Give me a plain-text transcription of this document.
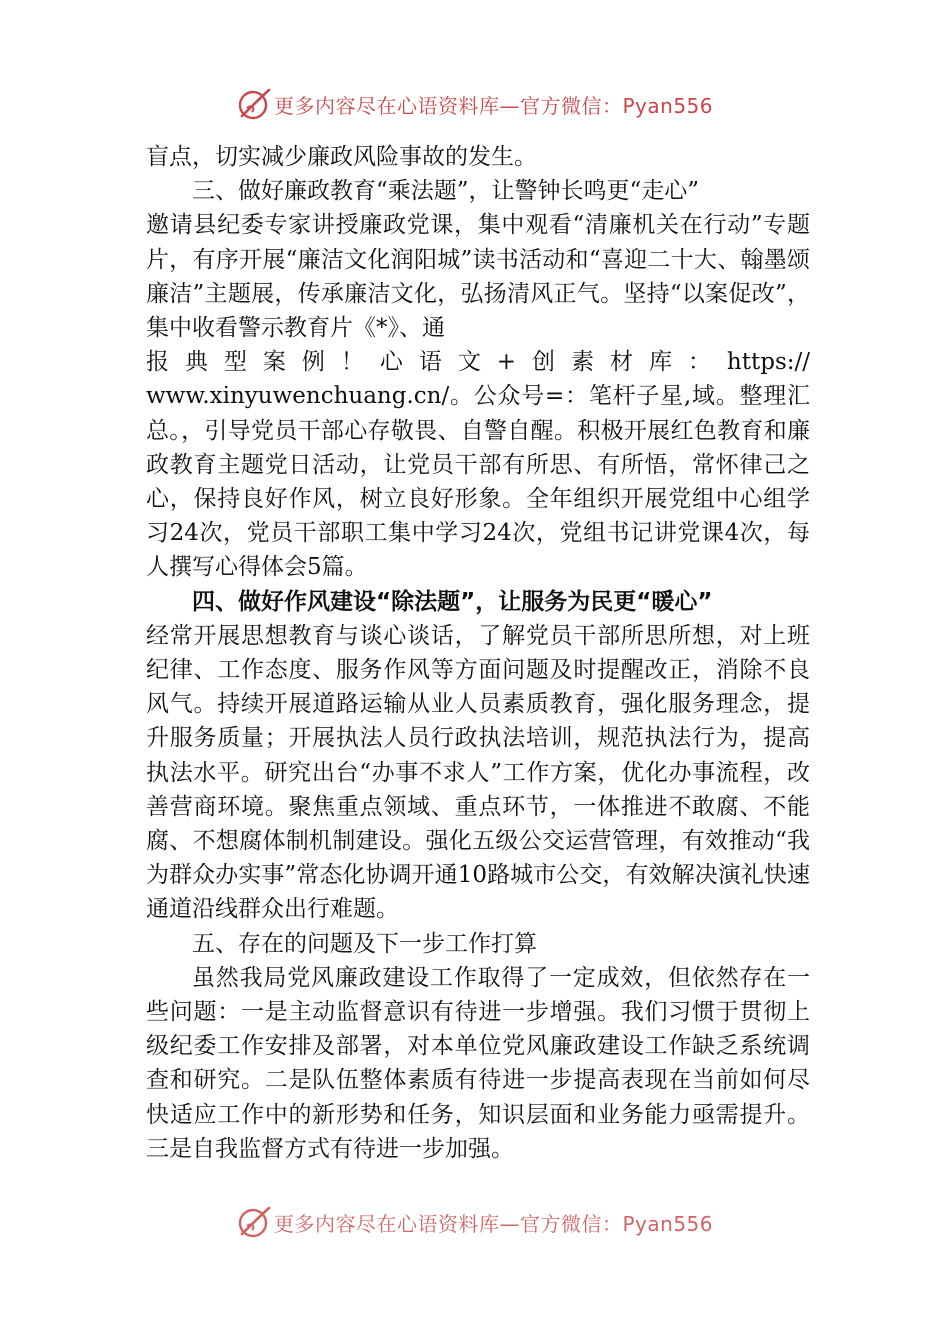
更多内容尽在心语资料库—官方微信：Pyan556

盲点，切实减少廉政风险事故的发生。

三、做好廉政教育“乘法题”，让警钟长鸣更“走心”

邀请县纪委专家讲授廉政党课，集中观看“清廉机关在行动”专题片，有序开展“廉洁文化润阳城”读书活动和“喜迎二十大、翰墨颂廉洁”主题展，传承廉洁文化，弘扬清风正气。坚持“以案促改”，集中收看警示教育片《*》、通

报典型案例！心语文+创素材库：https://

www.xinyuwenchuang.cn/。公众号=：笔杆子星,域。整理汇总。，引导党员干部心存敬畏、自警自醒。积极开展红色教育和廉政教育主题党日活动，让党员干部有所思、有所悟，常怀律己之心，保持良好作风，树立良好形象。全年组织开展党组中心组学习24次，党员干部职工集中学习24次，党组书记讲党课4次，每人撰写心得体会5篇。

四、做好作风建设“除法题”，让服务为民更“暖心”

经常开展思想教育与谈心谈话，了解党员干部所思所想，对上班纪律、工作态度、服务作风等方面问题及时提醒改正，消除不良风气。持续开展道路运输从业人员素质教育，强化服务理念，提升服务质量；开展执法人员行政执法培训，规范执法行为，提高执法水平。研究出台“办事不求人”工作方案，优化办事流程，改善营商环境。聚焦重点领域、重点环节，一体推进不敢腐、不能腐、不想腐体制机制建设。强化五级公交运营管理，有效推动“我为群众办实事”常态化协调开通10路城市公交，有效解决演礼快速通道沿线群众出行难题。

五、存在的问题及下一步工作打算

虽然我局党风廉政建设工作取得了一定成效，但依然存在一些问题：一是主动监督意识有待进一步增强。我们习惯于贯彻上级纪委工作安排及部署，对本单位党风廉政建设工作缺乏系统调查和研究。二是队伍整体素质有待进一步提高表现在当前如何尽快适应工作中的新形势和任务，知识层面和业务能力亟需提升。三是自我监督方式有待进一步加强。

更多内容尽在心语资料库—官方微信：Pyan556
